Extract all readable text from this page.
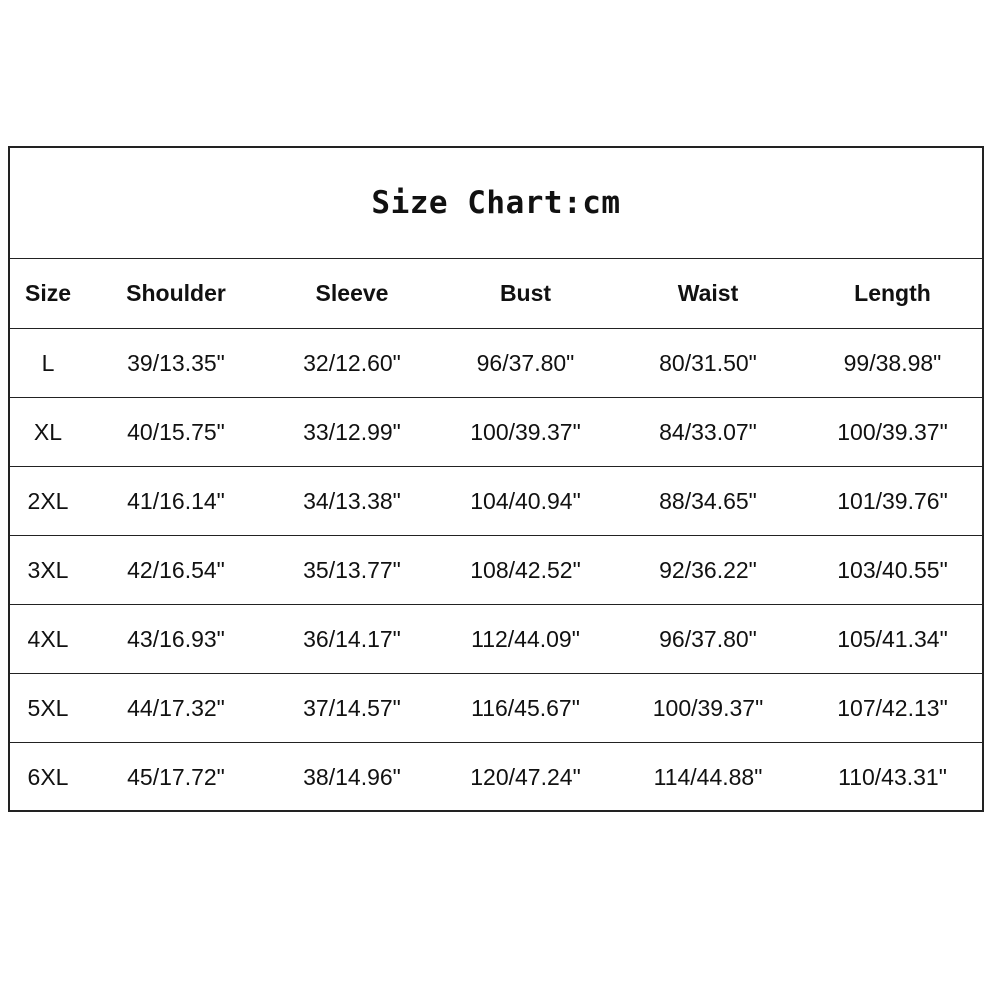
Size Chart:cm
Size	Shoulder	Sleeve	Bust	Waist	Length
L	39/13.35"	32/12.60"	96/37.80"	80/31.50"	99/38.98"
XL	40/15.75"	33/12.99"	100/39.37"	84/33.07"	100/39.37"
2XL	41/16.14"	34/13.38"	104/40.94"	88/34.65"	101/39.76"
3XL	42/16.54"	35/13.77"	108/42.52"	92/36.22"	103/40.55"
4XL	43/16.93"	36/14.17"	112/44.09"	96/37.80"	105/41.34"
5XL	44/17.32"	37/14.57"	116/45.67"	100/39.37"	107/42.13"
6XL	45/17.72"	38/14.96"	120/47.24"	114/44.88"	110/43.31"
